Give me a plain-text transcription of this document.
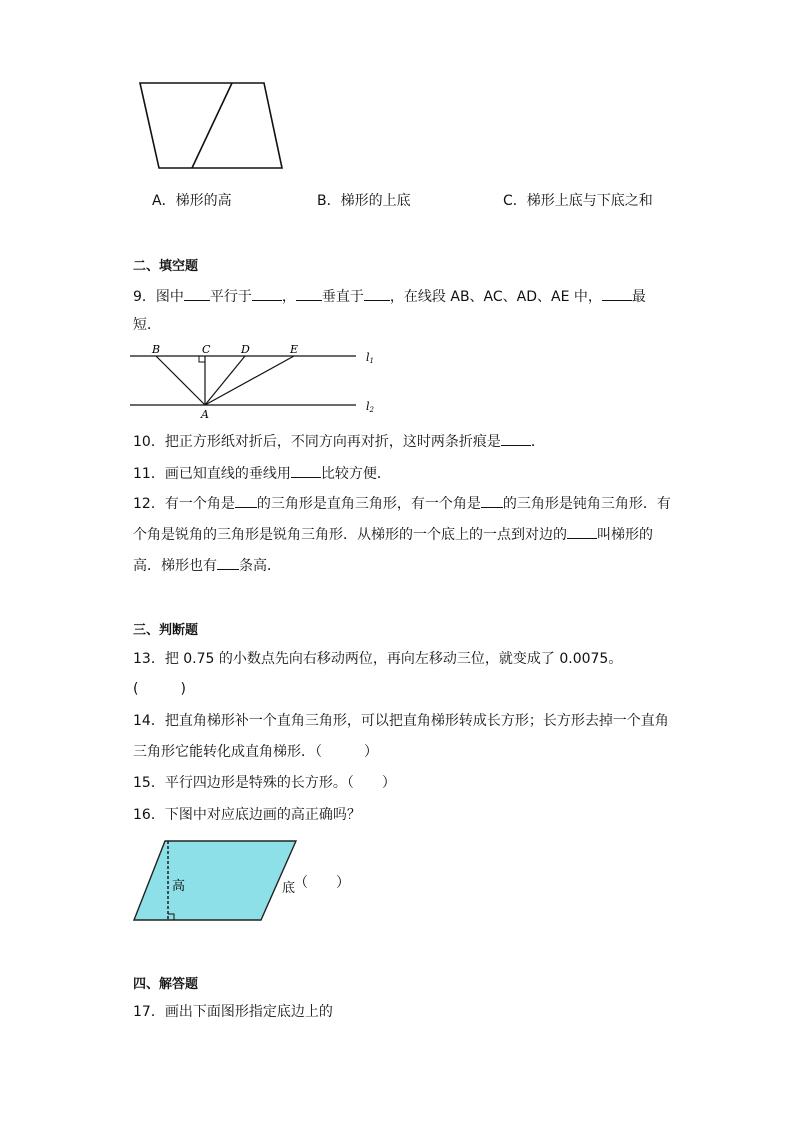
A．梯形的高	B．梯形的上底	C．梯形上底与下底之和
二、填空题
9．图中 平行于 ， 垂直于 ，在线段 AB、AC、AD、AE 中， 最
短．
B	C	D	E
A
l1
l2
10．把正方形纸对折后，不同方向再对折，这时两条折痕是 ．
11．画已知直线的垂线用 比较方便．
12．有一个角是 的三角形是直角三角形，有一个角是 的三角形是钝角三角形．有
个角是锐角的三角形是锐角三角形．从梯形的一个底上的一点到对边的 叫梯形的
高．梯形也有 条高．
三、判断题
13．把 0.75 的小数点先向右移动两位，再向左移动三位，就变成了 0.0075。
(　　　)
14．把直角梯形补一个直角三角形，可以把直角梯形转成长方形；长方形去掉一个直角
三角形它能转化成直角梯形．（　　　）
15．平行四边形是特殊的长方形。（　　）
16．下图中对应底边画的高正确吗？
高	底
（　　）
四、解答题
17．画出下面图形指定底边上的
